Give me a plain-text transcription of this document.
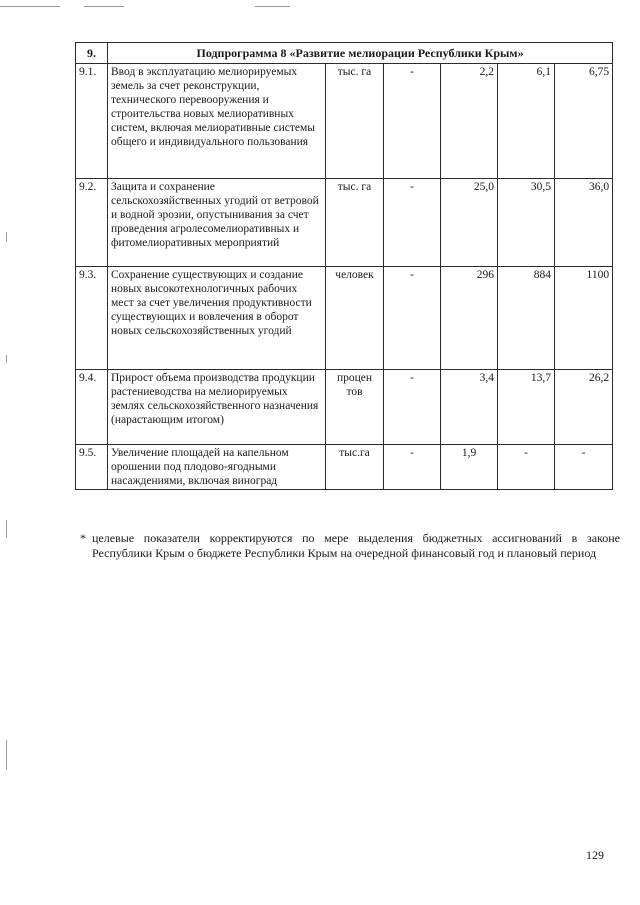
9.	Подпрограмма 8 «Развитие мелиорации Республики Крым»					
9.1.	Ввод в эксплуатацию мелиорируемых земель за счет реконструкции, технического перевооружения и строительства новых мелиоративных систем, включая мелиоративные системы общего и индивидуального пользования	тыс. га	-	2,2	6,1	6,75
9.2.	Защита и сохранение сельскохозяйственных угодий от ветровой и водной эрозии, опустынивания за счет проведения агролесомелиоративных и фитомелиоративных мероприятий	тыс. га	-	25,0	30,5	36,0
9.3.	Сохранение существующих и создание новых высокотехнологичных рабочих мест за счет увеличения продуктивности существующих и вовлечения в оборот новых сельскохозяйственных угодий	человек	-	296	884	1100
9.4.	Прирост объема производства продукции растениеводства на мелиорируемых землях сельскохозяйственного назначения (нарастающим итогом)	процен тов	-	3,4	13,7	26,2
9.5.	Увеличение площадей на капельном орошении под плодово-ягодными насаждениями, включая виноград	тыс.га	-	1,9	-	-
* целевые показатели корректируются по мере выделения бюджетных ассигнований в законе Республики Крым о бюджете Республики Крым на очередной финансовый год и плановый период
129
